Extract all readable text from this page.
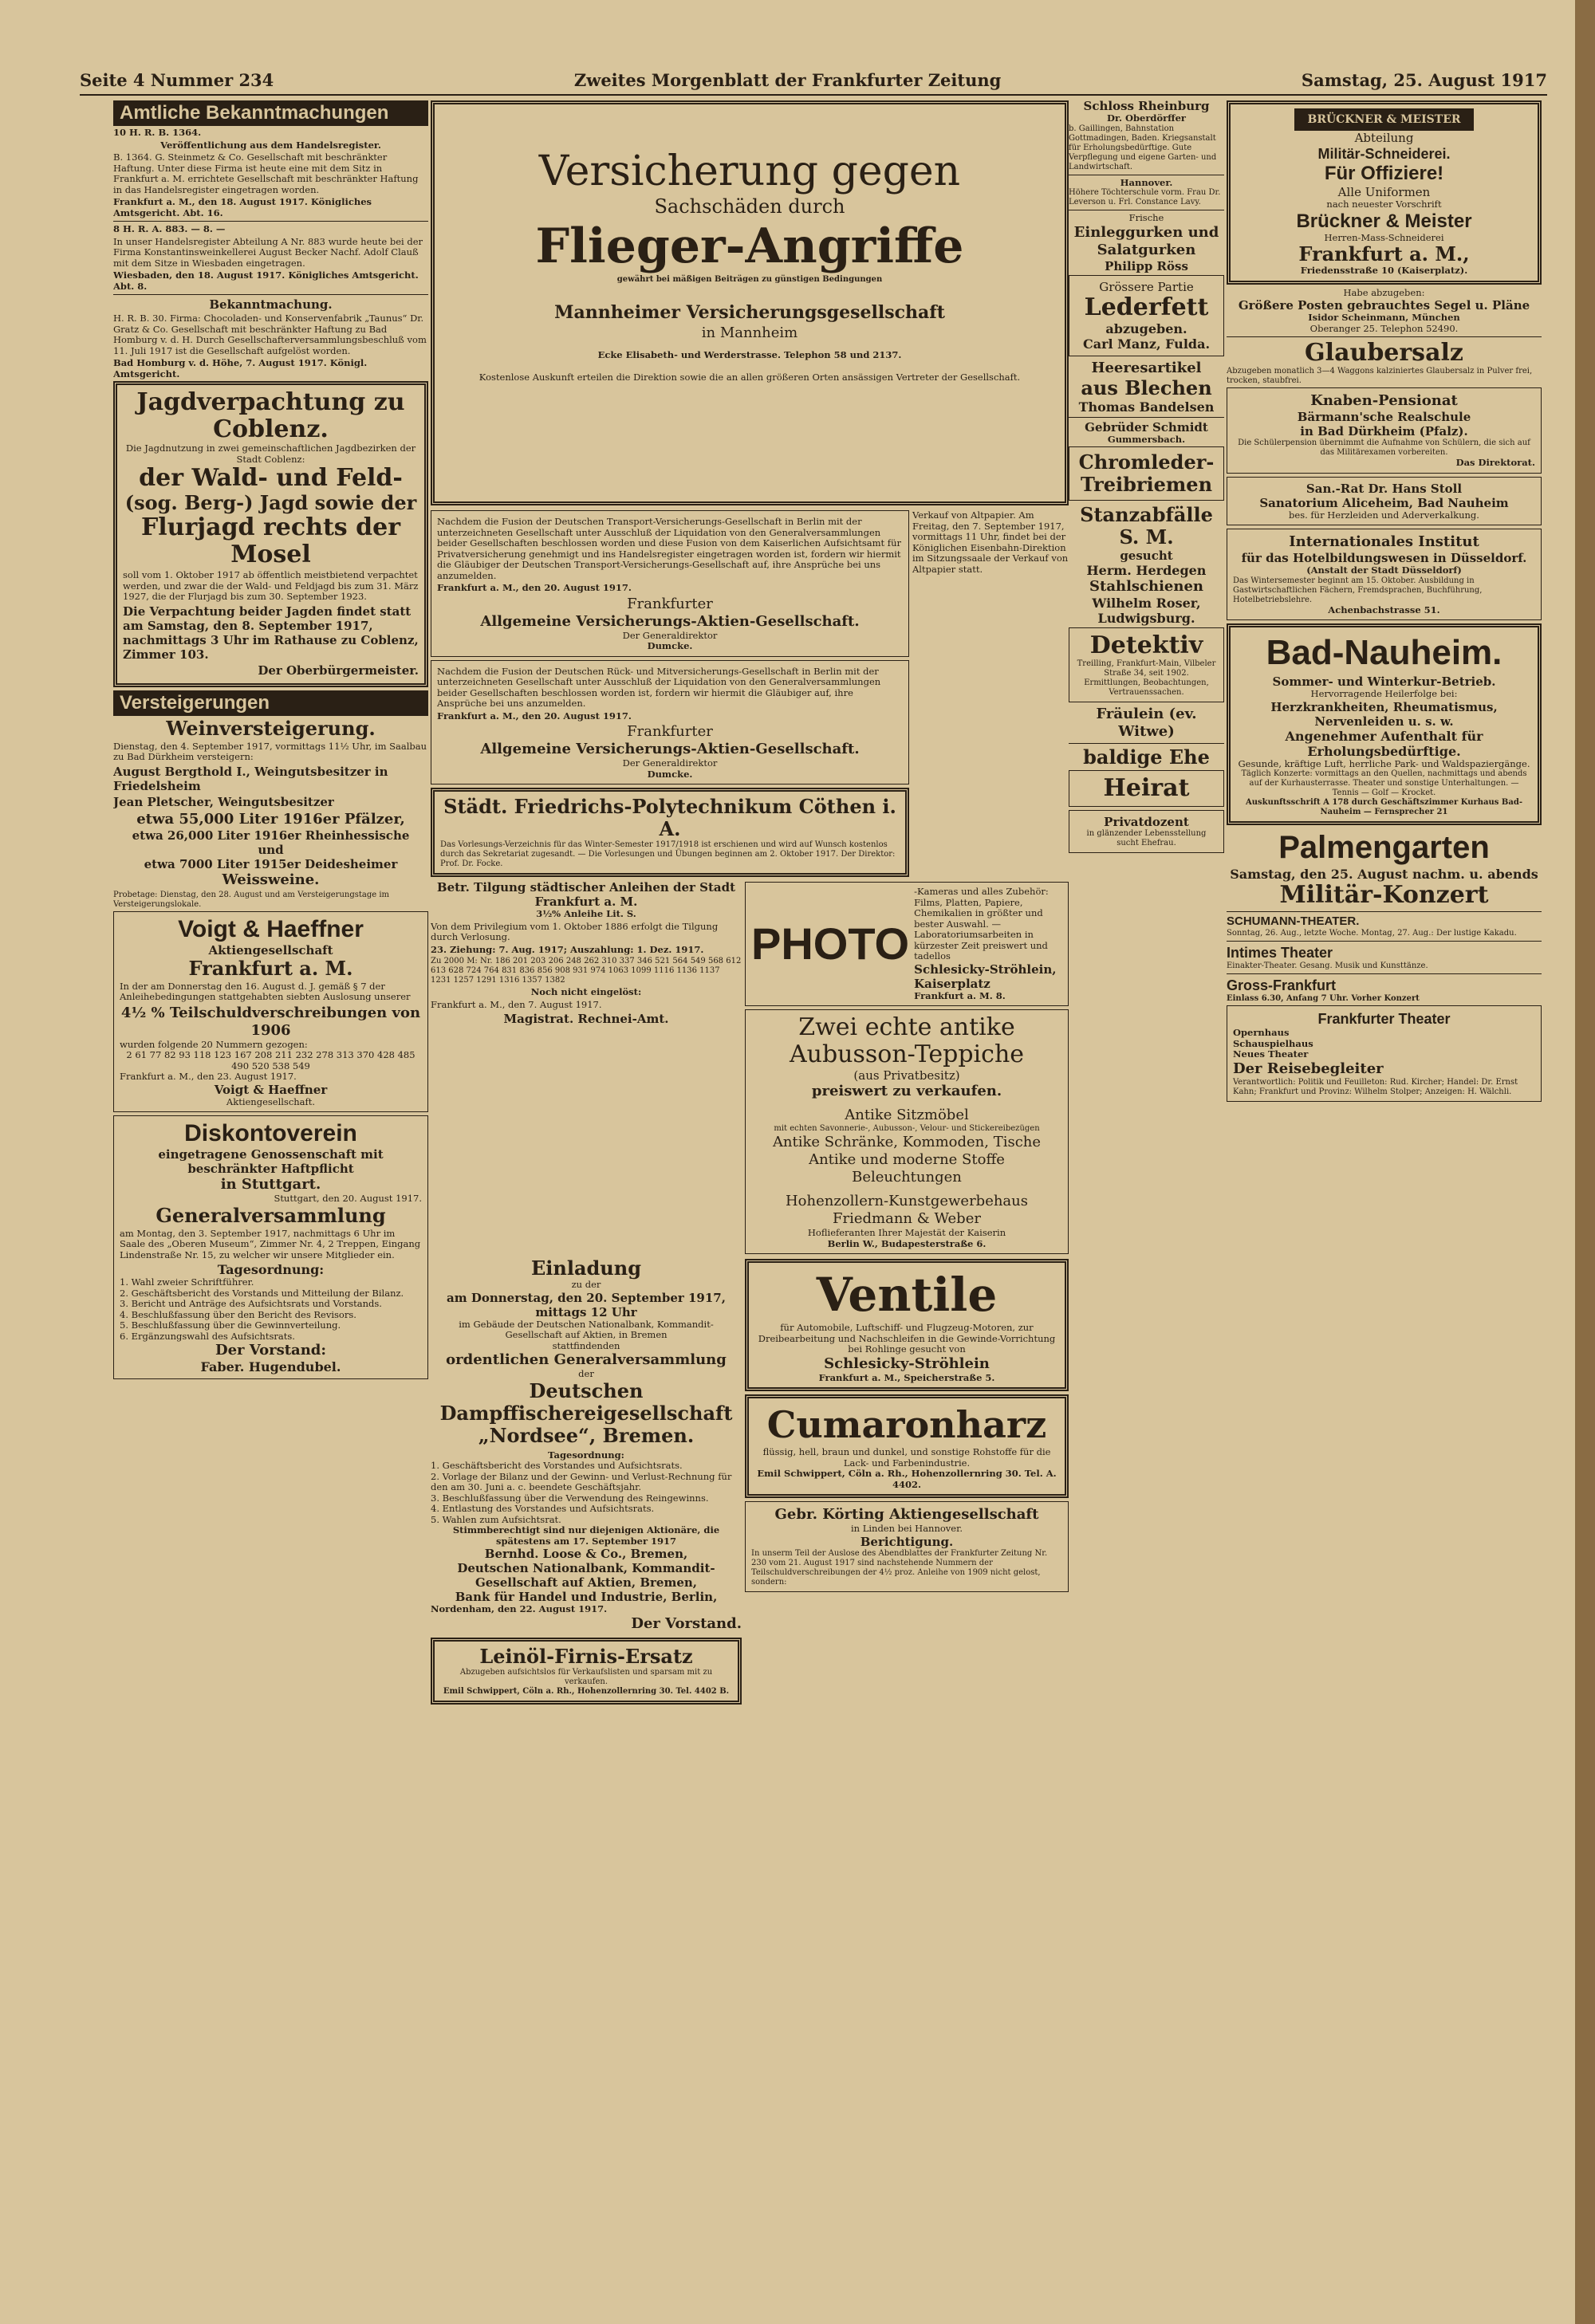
Seite 4 Nummer 234	Zweites Morgenblatt der Frankfurter Zeitung	Samstag, 25. August 1917
Amtliche Bekanntmachungen
10 H. R. B. 1364.
Veröffentlichung aus dem Handelsregister.
B. 1364. G. Steinmetz & Co. Gesellschaft mit beschränkter Haftung. Unter diese Firma ist heute eine mit dem Sitz in Frankfurt a. M. errichtete Gesellschaft mit beschränkter Haftung in das Handelsregister eingetragen worden.
Frankfurt a. M., den 18. August 1917. Königliches Amtsgericht. Abt. 16.
8 H. R. A. 883. — 8. —
In unser Handelsregister Abteilung A Nr. 883 wurde heute bei der Firma Konstantinsweinkellerei August Becker Nachf. Adolf Clauß mit dem Sitze in Wiesbaden eingetragen.
Wiesbaden, den 18. August 1917. Königliches Amtsgericht. Abt. 8.
Bekanntmachung.
H. R. B. 30. Firma: Chocoladen- und Konservenfabrik „Taunus“ Dr. Gratz & Co. Gesellschaft mit beschränkter Haftung zu Bad Homburg v. d. H. Durch Gesellschafterversammlungsbeschluß vom 11. Juli 1917 ist die Gesellschaft aufgelöst worden.
Bad Homburg v. d. Höhe, 7. August 1917. Königl. Amtsgericht.
Jagdverpachtung zu Coblenz.
Die Jagdnutzung in zwei gemeinschaftlichen Jagdbezirken der Stadt Coblenz:
der Wald- und Feld-
(sog. Berg-) Jagd sowie der
Flurjagd rechts der Mosel
soll vom 1. Oktober 1917 ab öffentlich meistbietend verpachtet werden, und zwar die der Wald- und Feldjagd bis zum 31. März 1927, die der Flurjagd bis zum 30. September 1923.
Die Verpachtung beider Jagden findet statt am Samstag, den 8. September 1917, nachmittags 3 Uhr im Rathause zu Coblenz, Zimmer 103.
Der Oberbürgermeister.
Versteigerungen
Weinversteigerung.
Dienstag, den 4. September 1917, vormittags 11½ Uhr, im Saalbau zu Bad Dürkheim versteigern:
August Bergthold I., Weingutsbesitzer in Friedelsheim
Jean Pletscher, Weingutsbesitzer
etwa 55,000 Liter 1916er Pfälzer,
etwa 26,000 Liter 1916er Rheinhessische
und
etwa 7000 Liter 1915er Deidesheimer
Weissweine.
Probetage: Dienstag, den 28. August und am Versteigerungstage im Versteigerungslokale.
Voigt & Haeffner
Aktiengesellschaft
Frankfurt a. M.
In der am Donnerstag den 16. August d. J. gemäß § 7 der Anleihebedingungen stattgehabten siebten Auslosung unserer
4½ % Teilschuldverschreibungen von 1906
wurden folgende 20 Nummern gezogen:
2 61 77 82 93 118 123 167 208 211 232 278 313 370 428 485 490 520 538 549
Frankfurt a. M., den 23. August 1917.
Voigt & Haeffner
Aktiengesellschaft.
Diskontoverein
eingetragene Genossenschaft mit beschränkter Haftpflicht
in Stuttgart.
Stuttgart, den 20. August 1917.
Generalversammlung
am Montag, den 3. September 1917, nachmittags 6 Uhr im Saale des „Oberen Museum“, Zimmer Nr. 4, 2 Treppen, Eingang Lindenstraße Nr. 15, zu welcher wir unsere Mitglieder ein.
Tagesordnung:
1. Wahl zweier Schriftführer.
2. Geschäftsbericht des Vorstands und Mitteilung der Bilanz.
3. Bericht und Anträge des Aufsichtsrats und Vorstands.
4. Beschlußfassung über den Bericht des Revisors.
5. Beschlußfassung über die Gewinnverteilung.
6. Ergänzungswahl des Aufsichtsrats.
Der Vorstand:
Faber. Hugendubel.
Versicherung gegen
Sachschäden durch
Flieger-Angriffe
gewährt bei mäßigen Beiträgen zu günstigen Bedingungen
Mannheimer Versicherungsgesellschaft
in Mannheim
Ecke Elisabeth- und Werderstrasse. Telephon 58 und 2137.
Kostenlose Auskunft erteilen die Direktion sowie die an allen größeren Orten ansässigen Vertreter der Gesellschaft.
Nachdem die Fusion der Deutschen Transport-Versicherungs-Gesellschaft in Berlin mit der unterzeichneten Gesellschaft unter Ausschluß der Liquidation von den Generalversammlungen beider Gesellschaften beschlossen worden und diese Fusion von dem Kaiserlichen Aufsichtsamt für Privatversicherung genehmigt und ins Handelsregister eingetragen worden ist, fordern wir hiermit die Gläubiger der Deutschen Transport-Versicherungs-Gesellschaft auf, ihre Ansprüche bei uns anzumelden.
Frankfurt a. M., den 20. August 1917.
Frankfurter
Allgemeine Versicherungs-Aktien-Gesellschaft.
Der Generaldirektor
Dumcke.
Nachdem die Fusion der Deutschen Rück- und Mitversicherungs-Gesellschaft in Berlin mit der unterzeichneten Gesellschaft unter Ausschluß der Liquidation von den Generalversammlungen beider Gesellschaften beschlossen worden ist, fordern wir hiermit die Gläubiger auf, ihre Ansprüche bei uns anzumelden.
Frankfurt a. M., den 20. August 1917.
Frankfurter
Allgemeine Versicherungs-Aktien-Gesellschaft.
Der Generaldirektor
Dumcke.
Städt. Friedrichs-Polytechnikum Cöthen i. A.
Das Vorlesungs-Verzeichnis für das Winter-Semester 1917/1918 ist erschienen und wird auf Wunsch kostenlos durch das Sekretariat zugesandt. — Die Vorlesungen und Übungen beginnen am 2. Oktober 1917. Der Direktor: Prof. Dr. Focke.
Verkauf von Altpapier. Am Freitag, den 7. September 1917, vormittags 11 Uhr, findet bei der Königlichen Eisenbahn-Direktion im Sitzungssaale der Verkauf von Altpapier statt.
Betr. Tilgung städtischer Anleihen der Stadt Frankfurt a. M.
3½% Anleihe Lit. S.
Von dem Privilegium vom 1. Oktober 1886 erfolgt die Tilgung durch Verlosung.
23. Ziehung: 7. Aug. 1917; Auszahlung: 1. Dez. 1917.
Zu 2000 M: Nr. 186 201 203 206 248 262 310 337 346 521 564 549 568 612 613 628 724 764 831 836 856 908 931 974 1063 1099 1116 1136 1137 1231 1257 1291 1316 1357 1382
Noch nicht eingelöst:
Frankfurt a. M., den 7. August 1917.
Magistrat. Rechnei-Amt.
PHOTO
-Kameras und alles Zubehör: Films, Platten, Papiere, Chemikalien in größter und bester Auswahl. — Laboratoriumsarbeiten in kürzester Zeit preiswert und tadellos
Schlesicky-Ströhlein, Kaiserplatz
Frankfurt a. M. 8.
Zwei echte antike
Aubusson-Teppiche
(aus Privatbesitz)
preiswert zu verkaufen.
Antike Sitzmöbel
mit echten Savonnerie-, Aubusson-, Velour- und Stickereibezügen
Antike Schränke, Kommoden, Tische
Antike und moderne Stoffe
Beleuchtungen
Hohenzollern-Kunstgewerbehaus
Friedmann & Weber
Hoflieferanten Ihrer Majestät der Kaiserin
Berlin W., Budapesterstraße 6.
Einladung
zu der
am Donnerstag, den 20. September 1917, mittags 12 Uhr
im Gebäude der Deutschen Nationalbank, Kommandit-Gesellschaft auf Aktien, in Bremen
stattfindenden
ordentlichen Generalversammlung
der
Deutschen Dampffischereigesellschaft
„Nordsee“, Bremen.
Tagesordnung:
1. Geschäftsbericht des Vorstandes und Aufsichtsrats.
2. Vorlage der Bilanz und der Gewinn- und Verlust-Rechnung für den am 30. Juni a. c. beendete Geschäftsjahr.
3. Beschlußfassung über die Verwendung des Reingewinns.
4. Entlastung des Vorstandes und Aufsichtsrats.
5. Wahlen zum Aufsichtsrat.
Stimmberechtigt sind nur diejenigen Aktionäre, die spätestens am 17. September 1917
Bernhd. Loose & Co., Bremen,
Deutschen Nationalbank, Kommandit-Gesellschaft auf Aktien, Bremen,
Bank für Handel und Industrie, Berlin,
Nordenham, den 22. August 1917.
Der Vorstand.
Leinöl-Firnis-Ersatz
Abzugeben aufsichtslos für Verkaufslisten und sparsam mit zu verkaufen.
Emil Schwippert, Cöln a. Rh., Hohenzollernring 30. Tel. 4402 B.
Ventile
für Automobile, Luftschiff- und Flugzeug-Motoren, zur Dreibearbeitung und Nachschleifen in die Gewinde-Vorrichtung bei Rohlinge gesucht von
Schlesicky-Ströhlein
Frankfurt a. M., Speicherstraße 5.
Cumaronharz
flüssig, hell, braun und dunkel, und sonstige Rohstoffe für die Lack- und Farbenindustrie.
Emil Schwippert, Cöln a. Rh., Hohenzollernring 30. Tel. A. 4402.
Gebr. Körting Aktiengesellschaft
in Linden bei Hannover.
Berichtigung.
In unserm Teil der Auslose des Abendblattes der Frankfurter Zeitung Nr. 230 vom 21. August 1917 sind nachstehende Nummern der Teilschuldverschreibungen der 4½ proz. Anleihe von 1909 nicht gelost, sondern:
Schloss Rheinburg
Dr. Oberdörffer
b. Gaillingen, Bahnstation Gottmadingen, Baden. Kriegsanstalt für Erholungsbedürftige. Gute Verpflegung und eigene Garten- und Landwirtschaft.
Hannover.
Höhere Töchterschule vorm. Frau Dr. Leverson u. Frl. Constance Lavy.
Frische
Einleggurken und Salatgurken
Philipp Röss
Grössere Partie
Lederfett
abzugeben.
Carl Manz, Fulda.
Heeresartikel
aus Blechen
Thomas Bandelsen
Gebrüder Schmidt
Gummersbach.
Chromleder-
Treibriemen
Stanzabfälle S. M.
gesucht
Herm. Herdegen
Stahlschienen
Wilhelm Roser,
Ludwigsburg.
Detektiv
Treilling, Frankfurt-Main, Vilbeler Straße 34, seit 1902. Ermittlungen, Beobachtungen, Vertrauenssachen.
Fräulein (ev. Witwe)
baldige Ehe
Heirat
Privatdozent
in glänzender Lebensstellung sucht Ehefrau.
BRÜCKNER & MEISTER
Abteilung
Militär-Schneiderei.
Für Offiziere!
Alle Uniformen
nach neuester Vorschrift
Brückner & Meister
Herren-Mass-Schneiderei
Frankfurt a. M.,
Friedensstraße 10 (Kaiserplatz).
Habe abzugeben:
Größere Posten gebrauchtes Segel u. Pläne
Isidor Scheinmann, München
Oberanger 25. Telephon 52490.
Glaubersalz
Abzugeben monatlich 3—4 Waggons kalziniertes Glaubersalz in Pulver frei, trocken, staubfrei.
Knaben-Pensionat
Bärmann'sche Realschule
in Bad Dürkheim (Pfalz).
Die Schülerpension übernimmt die Aufnahme von Schülern, die sich auf das Militärexamen vorbereiten.
Das Direktorat.
San.-Rat Dr. Hans Stoll
Sanatorium Aliceheim, Bad Nauheim
bes. für Herzleiden und Aderverkalkung.
Internationales Institut
für das Hotelbildungswesen in Düsseldorf.
(Anstalt der Stadt Düsseldorf)
Das Wintersemester beginnt am 15. Oktober. Ausbildung in Gastwirtschaftlichen Fächern, Fremdsprachen, Buchführung, Hotelbetriebslehre.
Achenbachstrasse 51.
Bad-Nauheim.
Sommer- und Winterkur-Betrieb.
Hervorragende Heilerfolge bei:
Herzkrankheiten, Rheumatismus, Nervenleiden u. s. w.
Angenehmer Aufenthalt für Erholungsbedürftige.
Gesunde, kräftige Luft, herrliche Park- und Waldspaziergänge.
Täglich Konzerte: vormittags an den Quellen, nachmittags und abends auf der Kurhausterrasse. Theater und sonstige Unterhaltungen. — Tennis — Golf — Krocket.
Auskunftsschrift A 178 durch Geschäftszimmer Kurhaus Bad-Nauheim — Fernsprecher 21
Palmengarten
Samstag, den 25. August nachm. u. abends
Militär-Konzert
SCHUMANN-THEATER.
Sonntag, 26. Aug., letzte Woche. Montag, 27. Aug.: Der lustige Kakadu.
Intimes Theater
Einakter-Theater. Gesang. Musik und Kunsttänze.
Gross-Frankfurt
Einlass 6.30, Anfang 7 Uhr. Vorher Konzert
Frankfurter Theater
Opernhaus
Schauspielhaus
Neues Theater
Der Reisebegleiter
Verantwortlich: Politik und Feuilleton: Rud. Kircher; Handel: Dr. Ernst Kahn; Frankfurt und Provinz: Wilhelm Stolper; Anzeigen: H. Wälchli.
